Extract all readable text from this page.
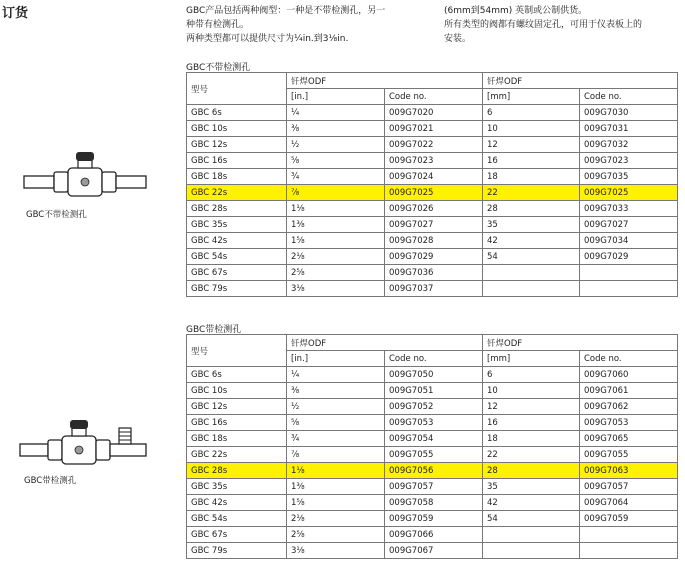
订货	GBC产品包括两种阀型：一种是不带检测孔，另一
种带有检测孔。
两种类型都可以提供尺寸为¼in.到3⅛in.
(6mm到54mm) 英制或公制供货。
所有类型的阀都有螺纹固定孔，可用于仪表板上的
安装。
GBC不带检测孔
GBC不带检测孔
型号	钎焊ODF		钎焊ODF	
	[in.]	Code no.	[mm]	Code no.
GBC 6s	¼	009G7020	6	009G7030
GBC 10s	⅜	009G7021	10	009G7031
GBC 12s	½	009G7022	12	009G7032
GBC 16s	⅝	009G7023	16	009G7023
GBC 18s	¾	009G7024	18	009G7035
GBC 22s	⅞	009G7025	22	009G7025
GBC 28s	1⅛	009G7026	28	009G7033
GBC 35s	1⅜	009G7027	35	009G7027
GBC 42s	1⅝	009G7028	42	009G7034
GBC 54s	2⅛	009G7029	54	009G7029
GBC 67s	2⅝	009G7036		
GBC 79s	3⅛	009G7037		
GBC带检测孔
GBC带检测孔
型号	钎焊ODF		钎焊ODF	
	[in.]	Code no.	[mm]	Code no.
GBC 6s	¼	009G7050	6	009G7060
GBC 10s	⅜	009G7051	10	009G7061
GBC 12s	½	009G7052	12	009G7062
GBC 16s	⅝	009G7053	16	009G7053
GBC 18s	¾	009G7054	18	009G7065
GBC 22s	⅞	009G7055	22	009G7055
GBC 28s	1⅛	009G7056	28	009G7063
GBC 35s	1⅜	009G7057	35	009G7057
GBC 42s	1⅝	009G7058	42	009G7064
GBC 54s	2⅛	009G7059	54	009G7059
GBC 67s	2⅝	009G7066		
GBC 79s	3⅛	009G7067		
